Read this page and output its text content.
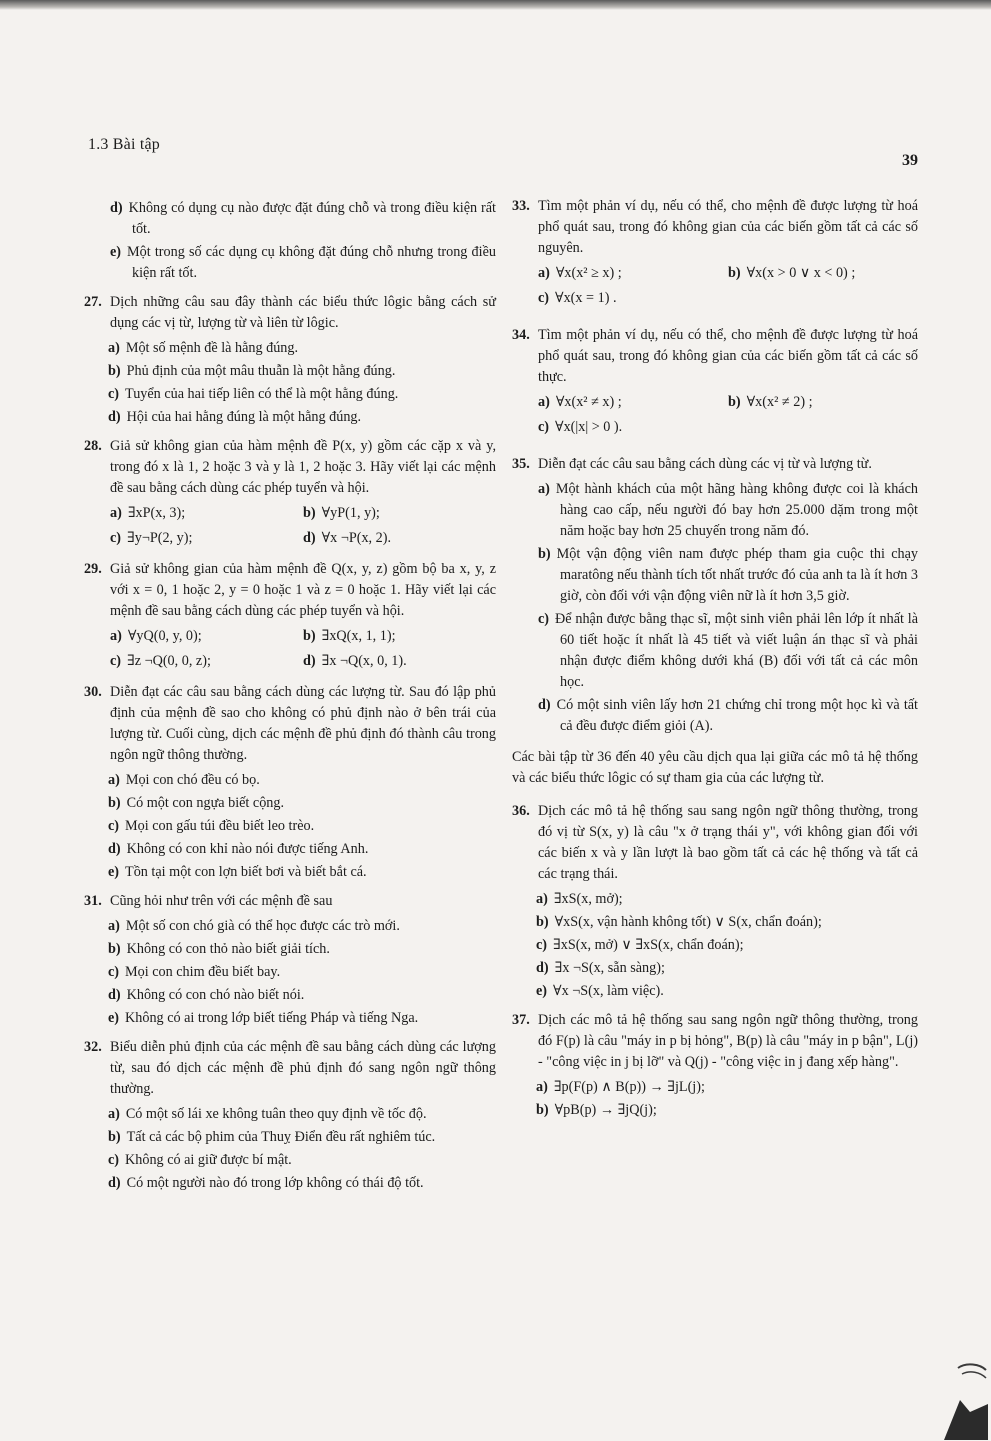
1.3 Bài tập
39
d) Không có dụng cụ nào được đặt đúng chỗ và trong điều kiện rất tốt.
e) Một trong số các dụng cụ không đặt đúng chỗ nhưng trong điều kiện rất tốt.
27. Dịch những câu sau đây thành các biểu thức lôgic bằng cách sử dụng các vị từ, lượng từ và liên từ lôgic.
a) Một số mệnh đề là hằng đúng.
b) Phủ định của một mâu thuẫn là một hằng đúng.
c) Tuyển của hai tiếp liên có thể là một hằng đúng.
d) Hội của hai hằng đúng là một hằng đúng.
28. Giả sử không gian của hàm mệnh đề P(x, y) gồm các cặp x và y, trong đó x là 1, 2 hoặc 3 và y là 1, 2 hoặc 3. Hãy viết lại các mệnh đề sau bằng cách dùng các phép tuyển và hội.
a) ∃xP(x, 3);	b) ∀yP(1, y);
c) ∃y¬P(2, y);	d) ∀x ¬P(x, 2).
29. Giả sử không gian của hàm mệnh đề Q(x, y, z) gồm bộ ba x, y, z với x = 0, 1 hoặc 2, y = 0 hoặc 1 và z = 0 hoặc 1. Hãy viết lại các mệnh đề sau bằng cách dùng các phép tuyển và hội.
a) ∀yQ(0, y, 0);	b) ∃xQ(x, 1, 1);
c) ∃z ¬Q(0, 0, z);	d) ∃x ¬Q(x, 0, 1).
30. Diễn đạt các câu sau bằng cách dùng các lượng từ. Sau đó lập phủ định của mệnh đề sao cho không có phủ định nào ở bên trái của lượng từ. Cuối cùng, dịch các mệnh đề phủ định đó thành câu trong ngôn ngữ thông thường.
a) Mọi con chó đều có bọ.
b) Có một con ngựa biết cộng.
c) Mọi con gấu túi đều biết leo trèo.
d) Không có con khỉ nào nói được tiếng Anh.
e) Tồn tại một con lợn biết bơi và biết bắt cá.
31. Cũng hỏi như trên với các mệnh đề sau
a) Một số con chó già có thể học được các trò mới.
b) Không có con thỏ nào biết giải tích.
c) Mọi con chim đều biết bay.
d) Không có con chó nào biết nói.
e) Không có ai trong lớp biết tiếng Pháp và tiếng Nga.
32. Biểu diễn phủ định của các mệnh đề sau bằng cách dùng các lượng từ, sau đó dịch các mệnh đề phủ định đó sang ngôn ngữ thông thường.
a) Có một số lái xe không tuân theo quy định về tốc độ.
b) Tất cả các bộ phim của Thuỵ Điển đều rất nghiêm túc.
c) Không có ai giữ được bí mật.
d) Có một người nào đó trong lớp không có thái độ tốt.
33. Tìm một phản ví dụ, nếu có thể, cho mệnh đề được lượng từ hoá phổ quát sau, trong đó không gian của các biến gồm tất cả các số nguyên.
a) ∀x(x² ≥ x) ;	b) ∀x(x > 0 ∨ x < 0) ;
c) ∀x(x = 1) .
34. Tìm một phản ví dụ, nếu có thể, cho mệnh đề được lượng từ hoá phổ quát sau, trong đó không gian của các biến gồm tất cả các số thực.
a) ∀x(x² ≠ x) ;	b) ∀x(x² ≠ 2) ;
c) ∀x(|x| > 0 ).
35. Diễn đạt các câu sau bằng cách dùng các vị từ và lượng từ.
a) Một hành khách của một hãng hàng không được coi là khách hàng cao cấp, nếu người đó bay hơn 25.000 dặm trong một năm hoặc bay hơn 25 chuyến trong năm đó.
b) Một vận động viên nam được phép tham gia cuộc thi chạy maratông nếu thành tích tốt nhất trước đó của anh ta là ít hơn 3 giờ, còn đối với vận động viên nữ là ít hơn 3,5 giờ.
c) Để nhận được bằng thạc sĩ, một sinh viên phải lên lớp ít nhất là 60 tiết hoặc ít nhất là 45 tiết và viết luận án thạc sĩ và phải nhận được điểm không dưới khá (B) đối với tất cả các môn học.
d) Có một sinh viên lấy hơn 21 chứng chỉ trong một học kì và tất cả đều được điểm giỏi (A).
Các bài tập từ 36 đến 40 yêu cầu dịch qua lại giữa các mô tả hệ thống và các biểu thức lôgic có sự tham gia của các lượng từ.
36. Dịch các mô tả hệ thống sau sang ngôn ngữ thông thường, trong đó vị từ S(x, y) là câu "x ở trạng thái y", với không gian đối với các biến x và y lần lượt là bao gồm tất cả các hệ thống và tất cả các trạng thái.
a) ∃xS(x, mở);
b) ∀xS(x, vận hành không tốt) ∨ S(x, chẩn đoán);
c) ∃xS(x, mở) ∨ ∃xS(x, chẩn đoán);
d) ∃x ¬S(x, sẵn sàng);
e) ∀x ¬S(x, làm việc).
37. Dịch các mô tả hệ thống sau sang ngôn ngữ thông thường, trong đó F(p) là câu "máy in p bị hỏng", B(p) là câu "máy in p bận", L(j) - "công việc in j bị lỡ" và Q(j) - "công việc in j đang xếp hàng".
a) ∃p(F(p) ∧ B(p)) → ∃jL(j);
b) ∀pB(p) → ∃jQ(j);
